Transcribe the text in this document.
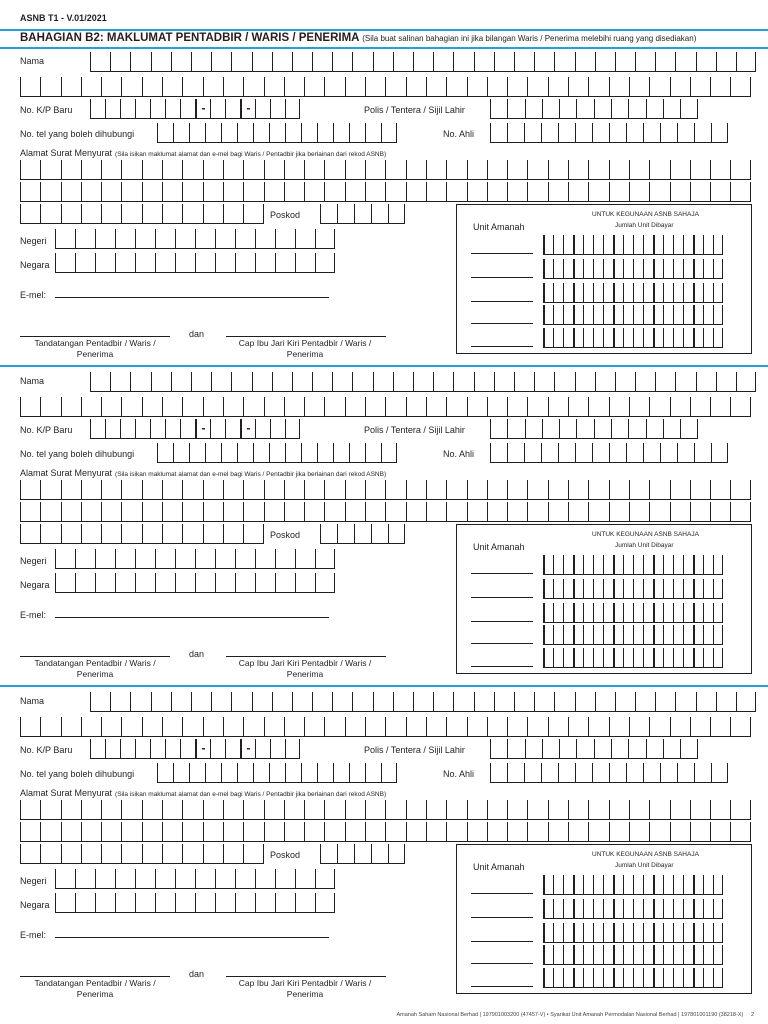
ASNB T1 - V.01/2021
BAHAGIAN B2: MAKLUMAT PENTADBIR / WARIS / PENERIMA (Sila buat salinan bahagian ini jika bilangan Waris / Penerima melebihi ruang yang disediakan)
Nama
No. K/P Baru	-	-	Polis / Tentera / Sijil Lahir
No. tel yang boleh dihubungi	No. Ahli
Alamat Surat Menyurat (Sila isikan maklumat alamat dan e-mel bagi Waris / Pentadbir jika berlainan dari rekod ASNB)
Poskod
Negeri
Negara
E-mel:
dan
Tandatangan Pentadbir / Waris / Penerima
Cap Ibu Jari Kiri Pentadbir / Waris / Penerima
UNTUK KEGUNAAN ASNB SAHAJA
Jumlah Unit Dibayar
Unit Amanah
Nama
No. K/P Baru	-	-	Polis / Tentera / Sijil Lahir
No. tel yang boleh dihubungi	No. Ahli
Alamat Surat Menyurat (Sila isikan maklumat alamat dan e-mel bagi Waris / Pentadbir jika berlainan dari rekod ASNB)
Poskod
Negeri
Negara
E-mel:
dan
Tandatangan Pentadbir / Waris / Penerima
Cap Ibu Jari Kiri Pentadbir / Waris / Penerima
UNTUK KEGUNAAN ASNB SAHAJA
Jumlah Unit Dibayar
Unit Amanah
Nama
No. K/P Baru	-	-	Polis / Tentera / Sijil Lahir
No. tel yang boleh dihubungi	No. Ahli
Alamat Surat Menyurat (Sila isikan maklumat alamat dan e-mel bagi Waris / Pentadbir jika berlainan dari rekod ASNB)
Poskod
Negeri
Negara
E-mel:
dan
Tandatangan Pentadbir / Waris / Penerima
Cap Ibu Jari Kiri Pentadbir / Waris / Penerima
UNTUK KEGUNAAN ASNB SAHAJA
Jumlah Unit Dibayar
Unit Amanah
Amanah Saham Nasional Berhad | 197901003200 (47457-V) • Syarikat Unit Amanah Permodalan Nasional Berhad | 197801001190 (38218-X) 2
